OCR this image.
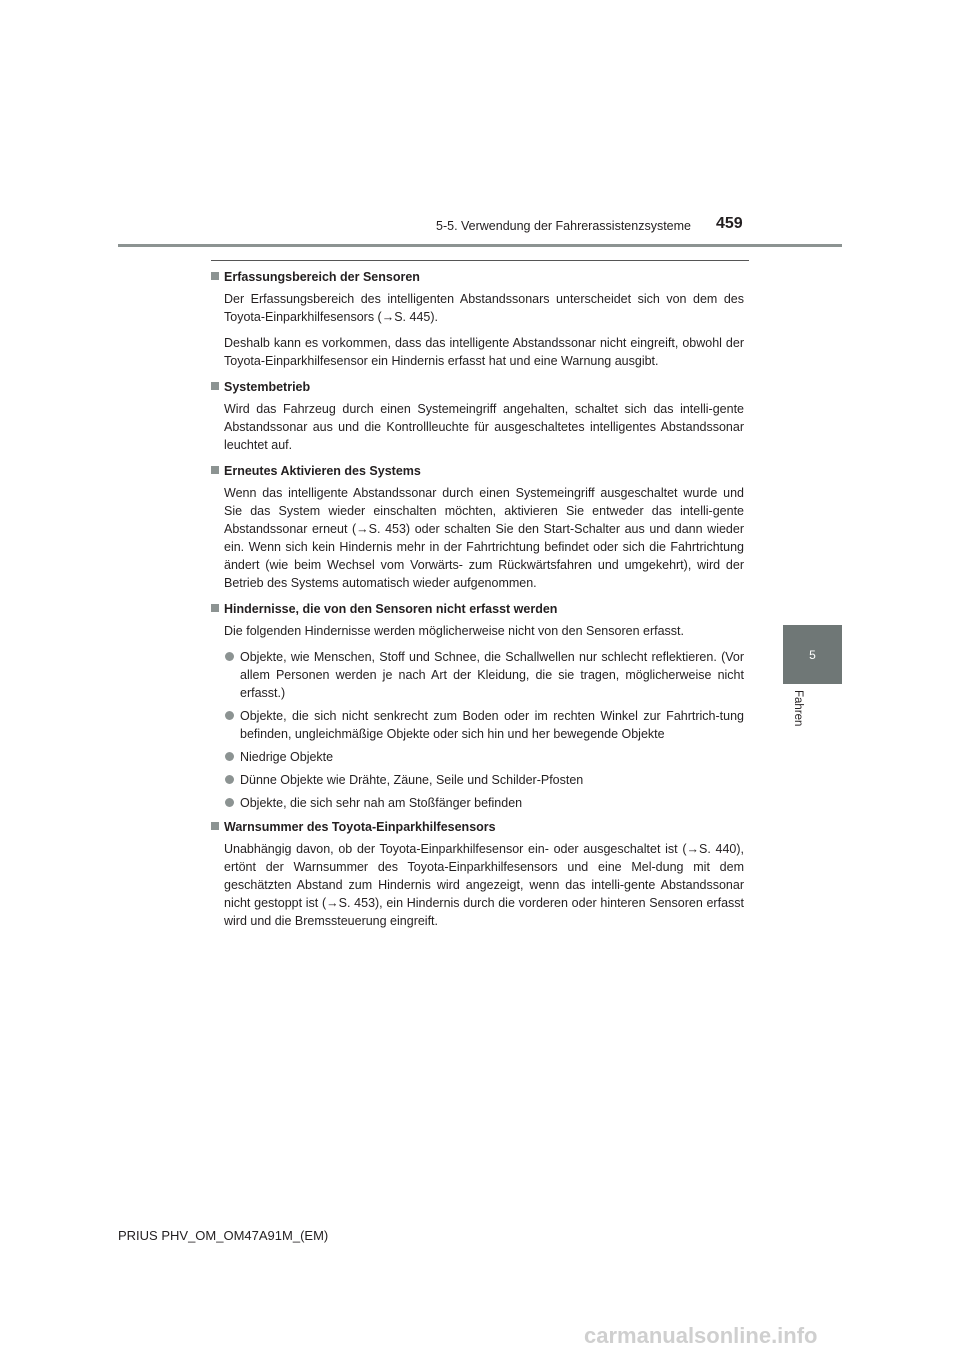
5-5. Verwendung der Fahrerassistenzsysteme 459
5
Fahren
Erfassungsbereich der Sensoren
Der Erfassungsbereich des intelligenten Abstandssonars unterscheidet sich von dem des Toyota-Einparkhilfesensors (→S. 445).
Deshalb kann es vorkommen, dass das intelligente Abstandssonar nicht eingreift, obwohl der Toyota-Einparkhilfesensor ein Hindernis erfasst hat und eine Warnung ausgibt.
Systembetrieb
Wird das Fahrzeug durch einen Systemeingriff angehalten, schaltet sich das intelli-gente Abstandssonar aus und die Kontrollleuchte für ausgeschaltetes intelligentes Abstandssonar leuchtet auf.
Erneutes Aktivieren des Systems
Wenn das intelligente Abstandssonar durch einen Systemeingriff ausgeschaltet wurde und Sie das System wieder einschalten möchten, aktivieren Sie entweder das intelli-gente Abstandssonar erneut (→S. 453) oder schalten Sie den Start-Schalter aus und dann wieder ein. Wenn sich kein Hindernis mehr in der Fahrtrichtung befindet oder sich die Fahrtrichtung ändert (wie beim Wechsel vom Vorwärts- zum Rückwärtsfahren und umgekehrt), wird der Betrieb des Systems automatisch wieder aufgenommen.
Hindernisse, die von den Sensoren nicht erfasst werden
Die folgenden Hindernisse werden möglicherweise nicht von den Sensoren erfasst.
Objekte, wie Menschen, Stoff und Schnee, die Schallwellen nur schlecht reflektieren. (Vor allem Personen werden je nach Art der Kleidung, die sie tragen, möglicherweise nicht erfasst.)
Objekte, die sich nicht senkrecht zum Boden oder im rechten Winkel zur Fahrtrich-tung befinden, ungleichmäßige Objekte oder sich hin und her bewegende Objekte
Niedrige Objekte
Dünne Objekte wie Drähte, Zäune, Seile und Schilder-Pfosten
Objekte, die sich sehr nah am Stoßfänger befinden
Warnsummer des Toyota-Einparkhilfesensors
Unabhängig davon, ob der Toyota-Einparkhilfesensor ein- oder ausgeschaltet ist (→S. 440), ertönt der Warnsummer des Toyota-Einparkhilfesensors und eine Mel-dung mit dem geschätzten Abstand zum Hindernis wird angezeigt, wenn das intelli-gente Abstandssonar nicht gestoppt ist (→S. 453), ein Hindernis durch die vorderen oder hinteren Sensoren erfasst wird und die Bremssteuerung eingreift.
PRIUS PHV_OM_OM47A91M_(EM)
carmanualsonline.info
